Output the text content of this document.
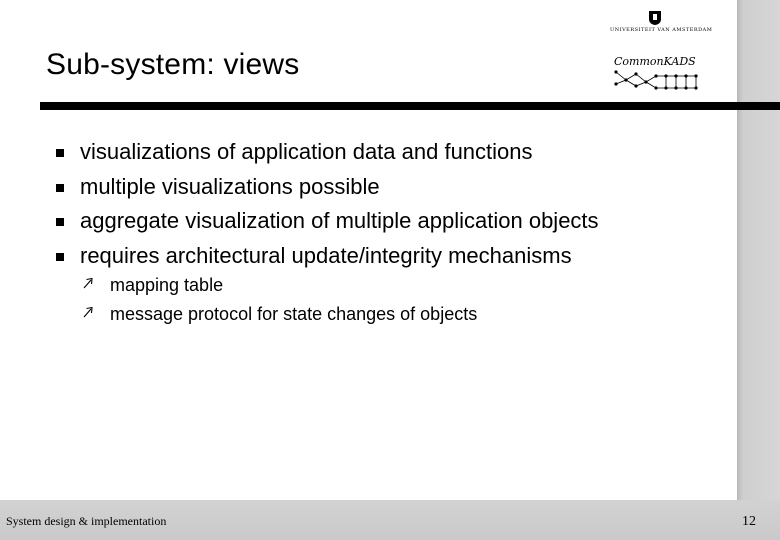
Sub-system: views
UNIVERSITEIT VAN AMSTERDAM
CommonKADS
visualizations of application data and functions
multiple visualizations possible
aggregate visualization of multiple application objects
requires architectural update/integrity mechanisms
mapping table
message protocol for state changes of objects
System design & implementation	12
